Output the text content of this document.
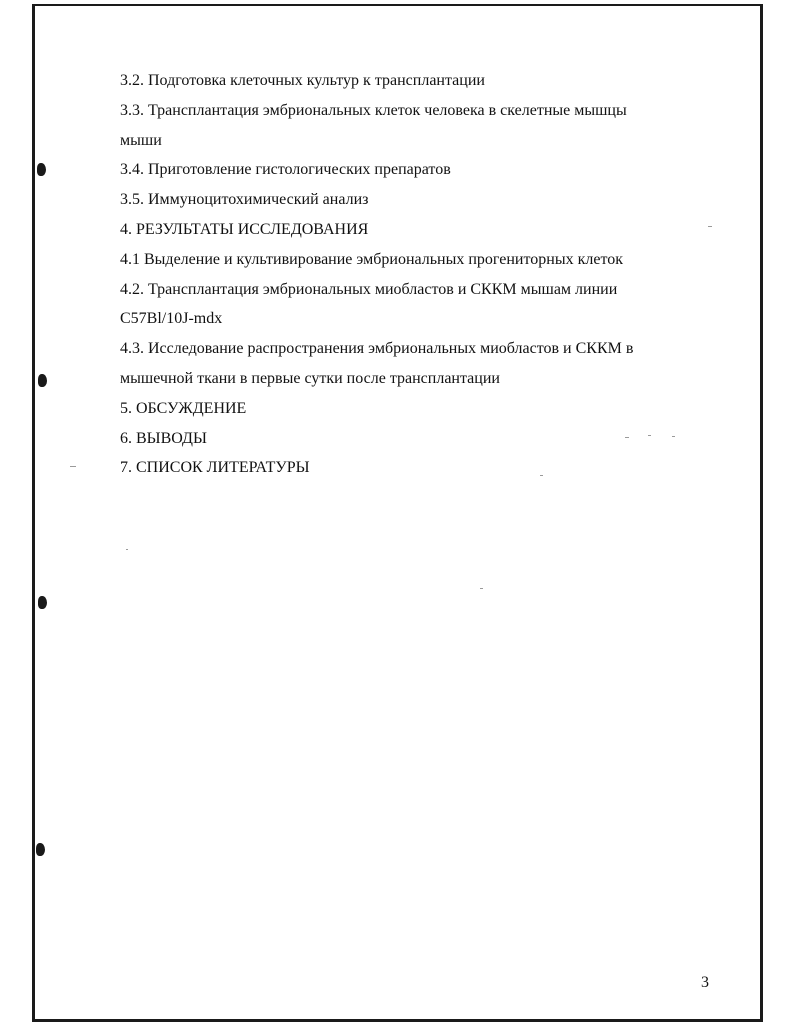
3.2. Подготовка клеточных культур к трансплантации
3.3. Трансплантация эмбриональных клеток человека в скелетные мышцы
мыши
3.4. Приготовление гистологических препаратов
3.5. Иммуноцитохимический анализ
4. РЕЗУЛЬТАТЫ ИССЛЕДОВАНИЯ
4.1 Выделение и культивирование эмбриональных прогениторных клеток
4.2. Трансплантация эмбриональных миобластов и СККМ мышам линии
C57Bl/10J-mdx
4.3. Исследование распространения эмбриональных миобластов и СККМ в
мышечной ткани в первые сутки после трансплантации
5. ОБСУЖДЕНИЕ
6. ВЫВОДЫ
7. СПИСОК ЛИТЕРАТУРЫ
3
